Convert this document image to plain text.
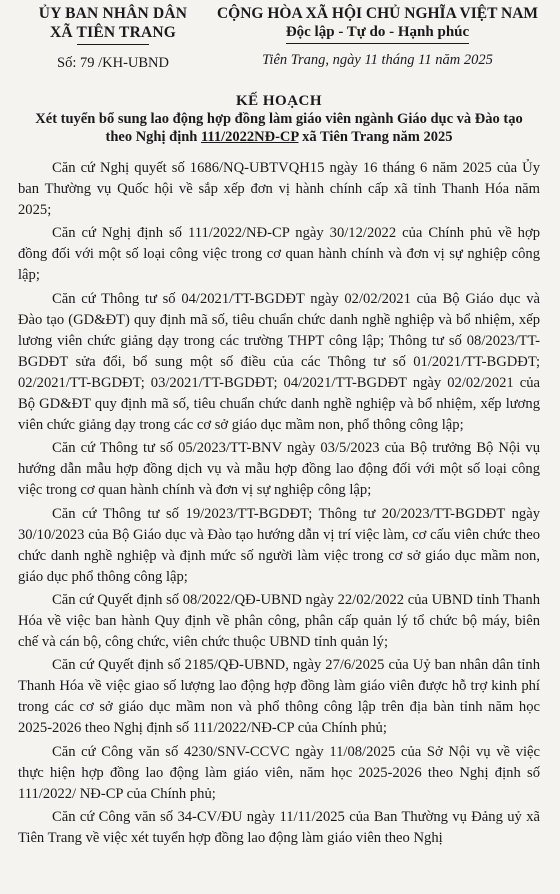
ỦY BAN NHÂN DÂN
XÃ TIÊN TRANG
Số: 79 /KH-UBND
CỘNG HÒA XÃ HỘI CHỦ NGHĨA VIỆT NAM
Độc lập - Tự do - Hạnh phúc
Tiên Trang, ngày 11 tháng 11 năm 2025
KẾ HOẠCH
Xét tuyển bổ sung lao động hợp đồng làm giáo viên ngành Giáo dục và Đào tạo theo Nghị định 111/2022NĐ-CP xã Tiên Trang năm 2025

Căn cứ Nghị quyết số 1686/NQ-UBTVQH15 ngày 16 tháng 6 năm 2025 của Ủy ban Thường vụ Quốc hội về sắp xếp đơn vị hành chính cấp xã tỉnh Thanh Hóa năm 2025;

Căn cứ Nghị định số 111/2022/NĐ-CP ngày 30/12/2022 của Chính phủ về hợp đồng đối với một số loại công việc trong cơ quan hành chính và đơn vị sự nghiệp công lập;

Căn cứ Thông tư số 04/2021/TT-BGDĐT ngày 02/02/2021 của Bộ Giáo dục và Đào tạo (GD&ĐT) quy định mã số, tiêu chuẩn chức danh nghề nghiệp và bổ nhiệm, xếp lương viên chức giảng dạy trong các trường THPT công lập; Thông tư số 08/2023/TT-BGDĐT sửa đổi, bổ sung một số điều của các Thông tư số 01/2021/TT-BGDĐT; 02/2021/TT-BGDĐT; 03/2021/TT-BGDĐT; 04/2021/TT-BGDĐT ngày 02/02/2021 của Bộ GD&ĐT quy định mã số, tiêu chuẩn chức danh nghề nghiệp và bổ nhiệm, xếp lương viên chức giảng dạy trong các cơ sở giáo dục mầm non, phổ thông công lập;

Căn cứ Thông tư số 05/2023/TT-BNV ngày 03/5/2023 của Bộ trưởng Bộ Nội vụ hướng dẫn mẫu hợp đồng dịch vụ và mẫu hợp đồng lao động đối với một số loại công việc trong cơ quan hành chính và đơn vị sự nghiệp công lập;

Căn cứ Thông tư số 19/2023/TT-BGDĐT; Thông tư 20/2023/TT-BGDĐT ngày 30/10/2023 của Bộ Giáo dục và Đào tạo hướng dẫn vị trí việc làm, cơ cấu viên chức theo chức danh nghề nghiệp và định mức số người làm việc trong cơ sở giáo dục mầm non, giáo dục phổ thông công lập;

Căn cứ Quyết định số 08/2022/QĐ-UBND ngày 22/02/2022 của UBND tỉnh Thanh Hóa về việc ban hành Quy định về phân công, phân cấp quản lý tổ chức bộ máy, biên chế và cán bộ, công chức, viên chức thuộc UBND tỉnh quản lý;

Căn cứ Quyết định số 2185/QĐ-UBND, ngày 27/6/2025 của Uỷ ban nhân dân tỉnh Thanh Hóa về việc giao số lượng lao động hợp đồng làm giáo viên được hỗ trợ kinh phí trong các cơ sở giáo dục mầm non và phổ thông công lập trên địa bàn tỉnh năm học 2025-2026 theo Nghị định số 111/2022/NĐ-CP của Chính phủ;

Căn cứ Công văn số 4230/SNV-CCVC ngày 11/08/2025 của Sở Nội vụ về việc thực hiện hợp đồng lao động làm giáo viên, năm học 2025-2026 theo Nghị định số 111/2022/ NĐ-CP của Chính phủ;

Căn cứ Công văn số 34-CV/ĐU ngày 11/11/2025 của Ban Thường vụ Đảng uỷ xã Tiên Trang về việc xét tuyển hợp đồng lao động làm giáo viên theo Nghị
